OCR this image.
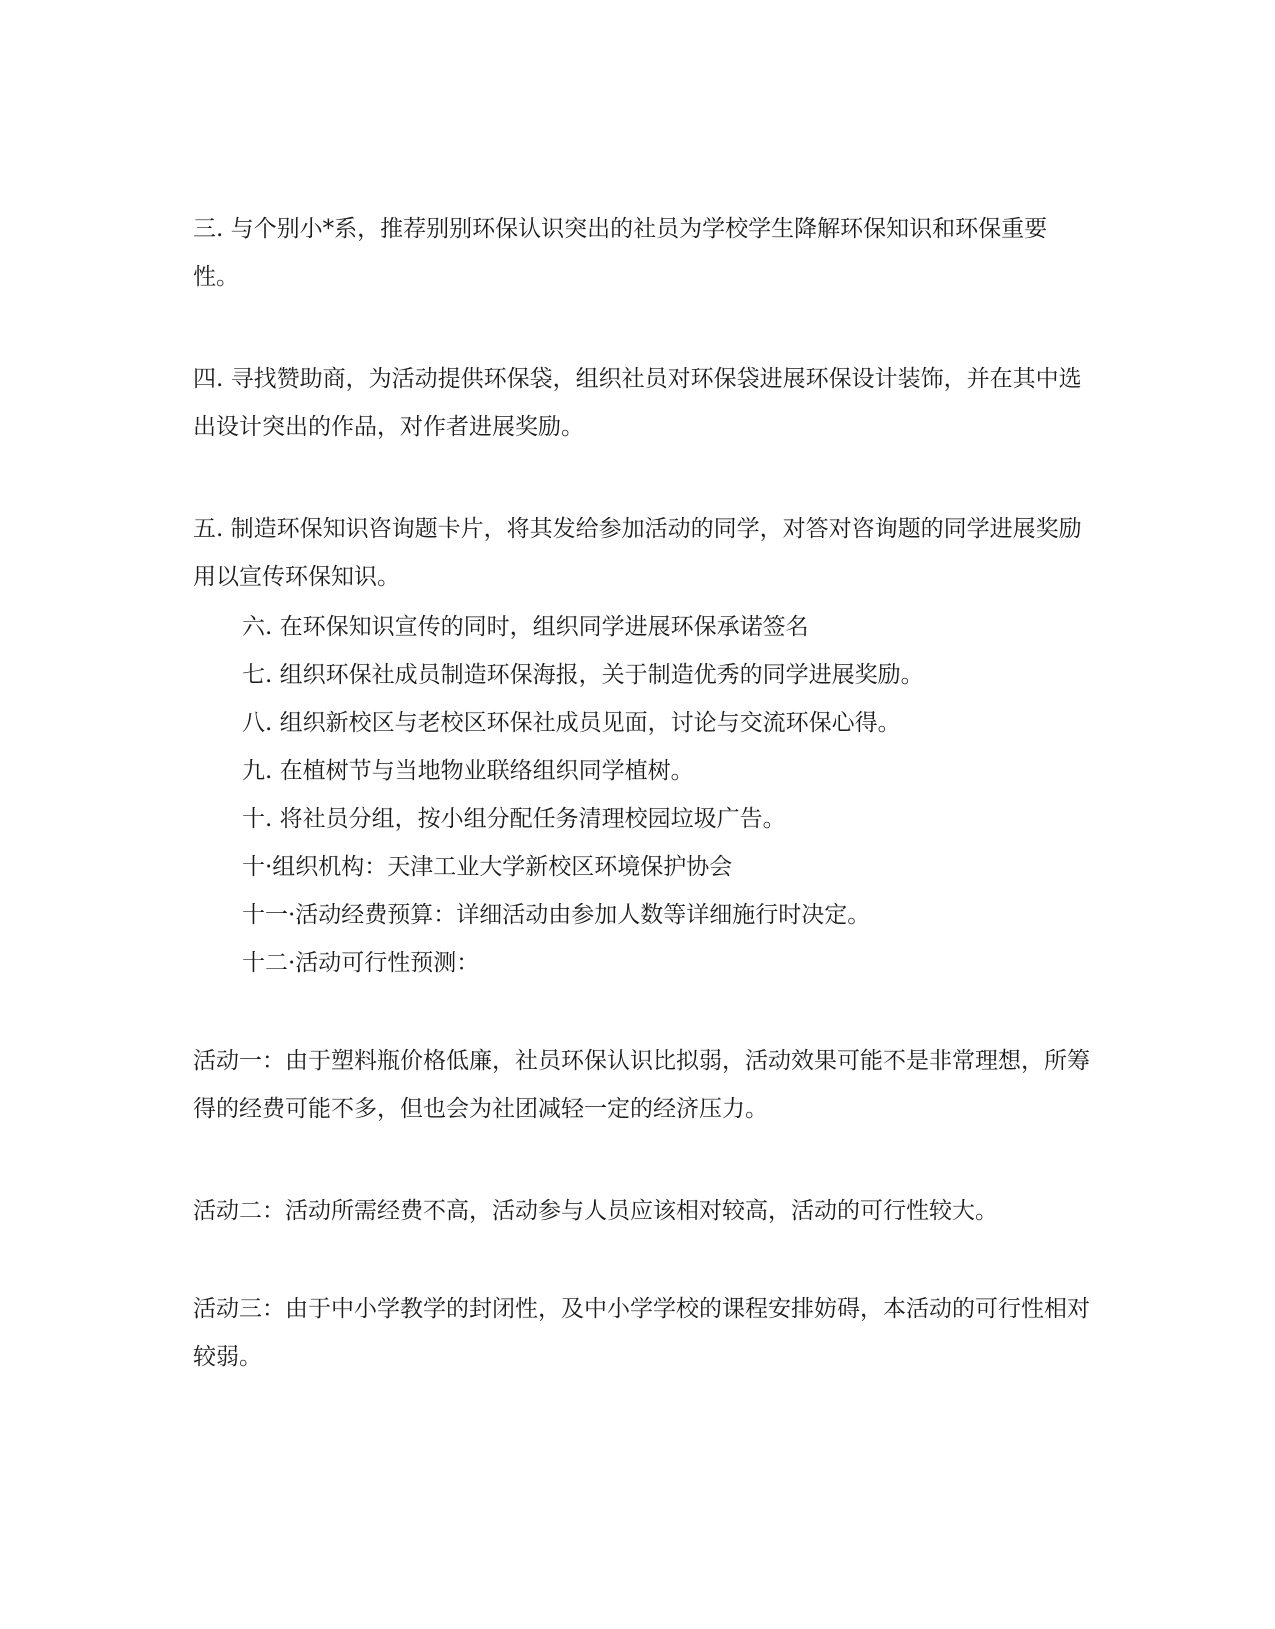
三. 与个别小*系，推荐别别环保认识突出的社员为学校学生降解环保知识和环保重要性。

四. 寻找赞助商，为活动提供环保袋，组织社员对环保袋进展环保设计装饰，并在其中选出设计突出的作品，对作者进展奖励。

五. 制造环保知识咨询题卡片，将其发给参加活动的同学，对答对咨询题的同学进展奖励用以宣传环保知识。

六. 在环保知识宣传的同时，组织同学进展环保承诺签名

七. 组织环保社成员制造环保海报，关于制造优秀的同学进展奖励。

八. 组织新校区与老校区环保社成员见面，讨论与交流环保心得。

九. 在植树节与当地物业联络组织同学植树。

十. 将社员分组，按小组分配任务清理校园垃圾广告。

十·组织机构：天津工业大学新校区环境保护协会

十一·活动经费预算：详细活动由参加人数等详细施行时决定。

十二·活动可行性预测：

活动一：由于塑料瓶价格低廉，社员环保认识比拟弱，活动效果可能不是非常理想，所筹得的经费可能不多，但也会为社团减轻一定的经济压力。

活动二：活动所需经费不高，活动参与人员应该相对较高，活动的可行性较大。

活动三：由于中小学教学的封闭性，及中小学学校的课程安排妨碍，本活动的可行性相对较弱。
